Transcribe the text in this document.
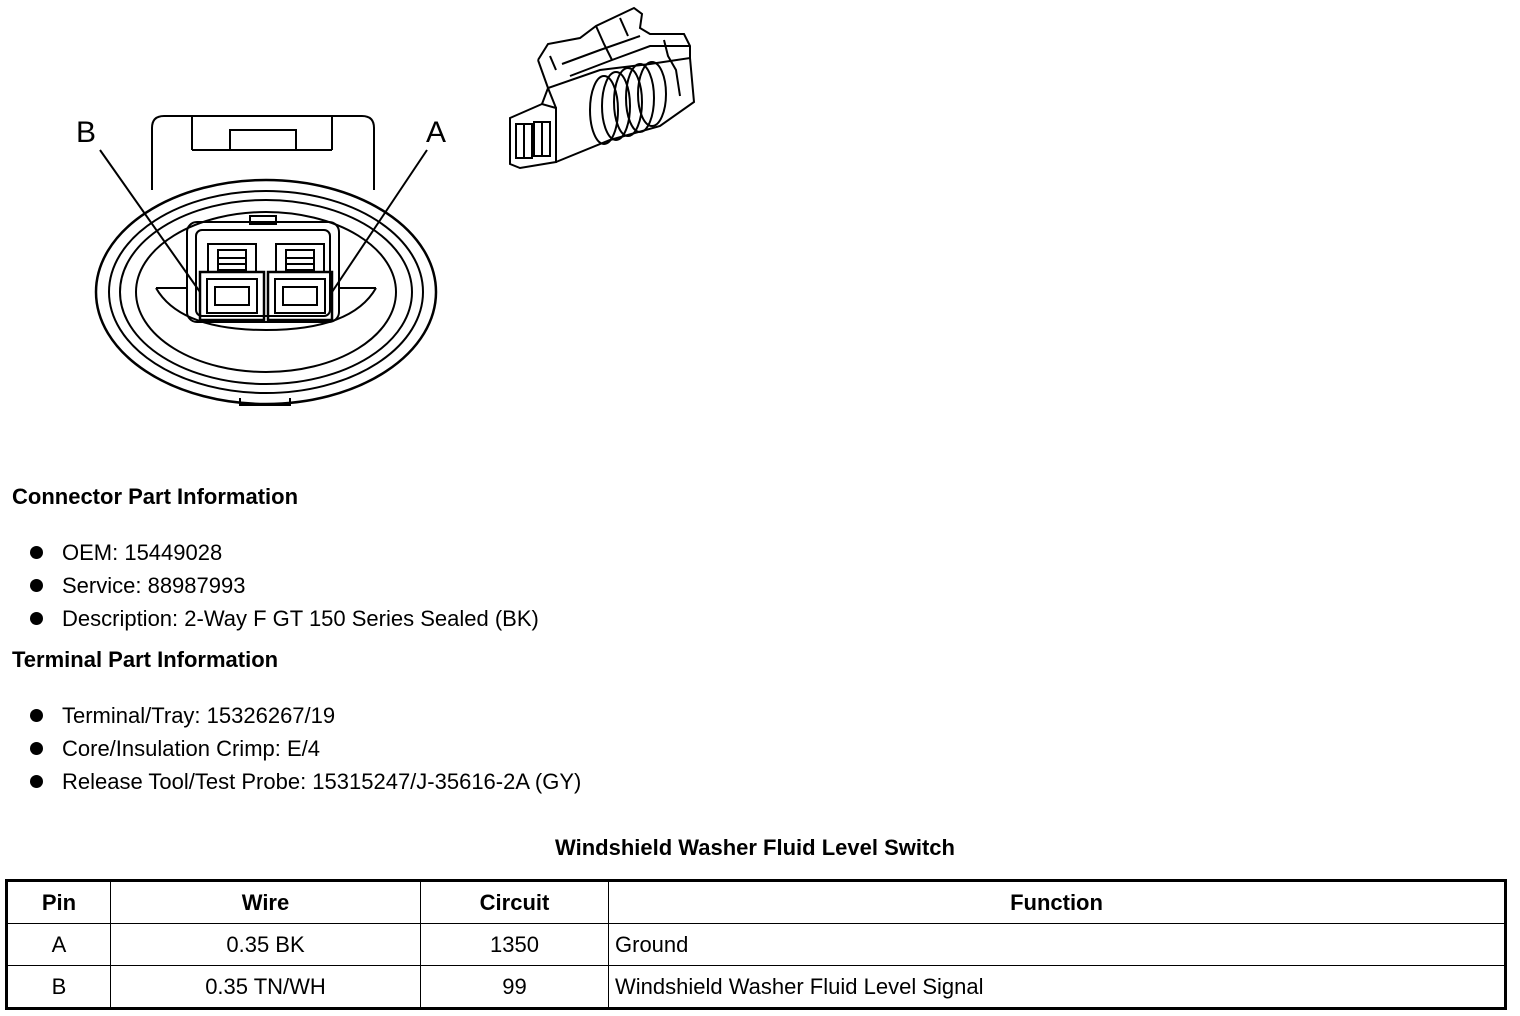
B	A
Connector Part Information
OEM: 15449028
Service: 88987993
Description: 2-Way F GT 150 Series Sealed (BK)
Terminal Part Information
Terminal/Tray: 15326267/19
Core/Insulation Crimp: E/4
Release Tool/Test Probe: 15315247/J-35616-2A (GY)
Windshield Washer Fluid Level Switch
Pin	Wire	Circuit	Function
A	0.35 BK	1350	Ground
B	0.35 TN/WH	99	Windshield Washer Fluid Level Signal
